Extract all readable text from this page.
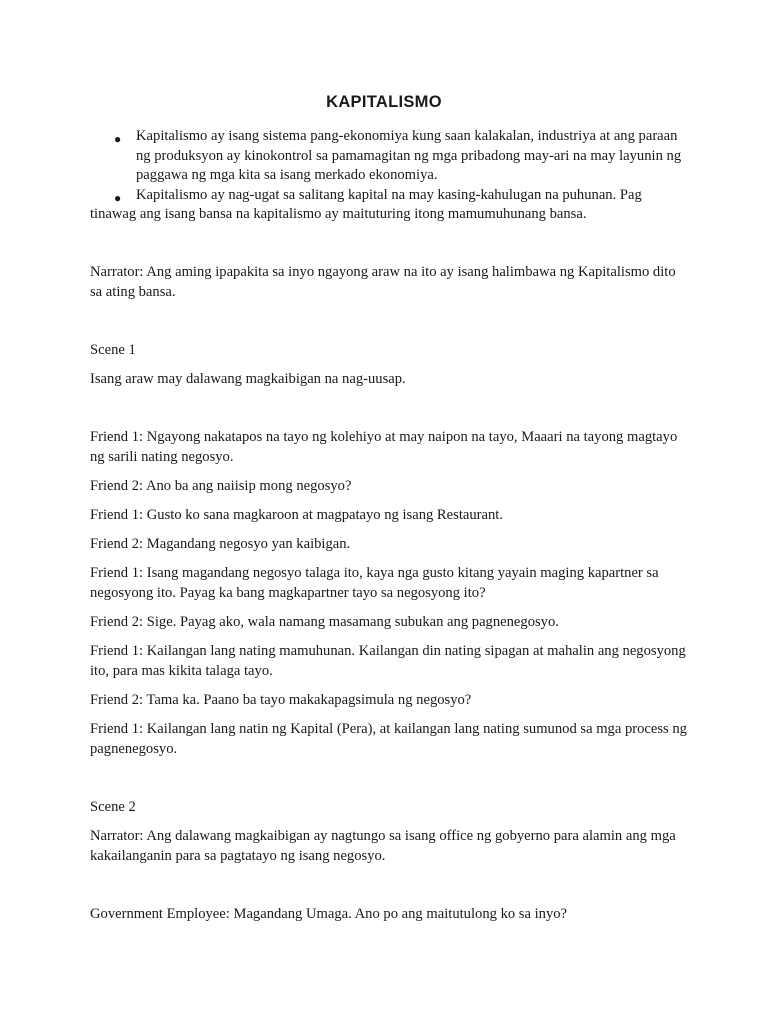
KAPITALISMO
● Kapitalismo ay isang sistema pang-ekonomiya kung saan kalakalan, industriya at ang paraan ng produksyon ay kinokontrol sa pamamagitan ng mga pribadong may-ari na may layunin ng paggawa ng mga kita sa isang merkado ekonomiya.
● Kapitalismo ay nag-ugat sa salitang kapital na may kasing-kahulugan na puhunan. Pag tinawag ang isang bansa na kapitalismo ay maituturing itong mamumuhunang bansa.

Narrator: Ang aming ipapakita sa inyo ngayong araw na ito ay isang halimbawa ng Kapitalismo dito sa ating bansa.

Scene 1

Isang araw may dalawang magkaibigan na nag-uusap.

Friend 1: Ngayong nakatapos na tayo ng kolehiyo at may naipon na tayo, Maaari na tayong magtayo ng sarili nating negosyo.

Friend 2: Ano ba ang naiisip mong negosyo?

Friend 1: Gusto ko sana magkaroon at magpatayo ng isang Restaurant.

Friend 2: Magandang negosyo yan kaibigan.

Friend 1: Isang magandang negosyo talaga ito, kaya nga gusto kitang yayain maging kapartner sa negosyong ito. Payag ka bang magkapartner tayo sa negosyong ito?

Friend 2: Sige. Payag ako, wala namang masamang subukan ang pagnenegosyo.

Friend 1: Kailangan lang nating mamuhunan. Kailangan din nating sipagan at mahalin ang negosyong ito, para mas kikita talaga tayo.

Friend 2: Tama ka. Paano ba tayo makakapagsimula ng negosyo?

Friend 1: Kailangan lang natin ng Kapital (Pera), at kailangan lang nating sumunod sa mga process ng pagnenegosyo.

Scene 2

Narrator: Ang dalawang magkaibigan ay nagtungo sa isang office ng gobyerno para alamin ang mga kakailanganin para sa pagtatayo ng isang negosyo.

Government Employee: Magandang Umaga. Ano po ang maitutulong ko sa inyo?
